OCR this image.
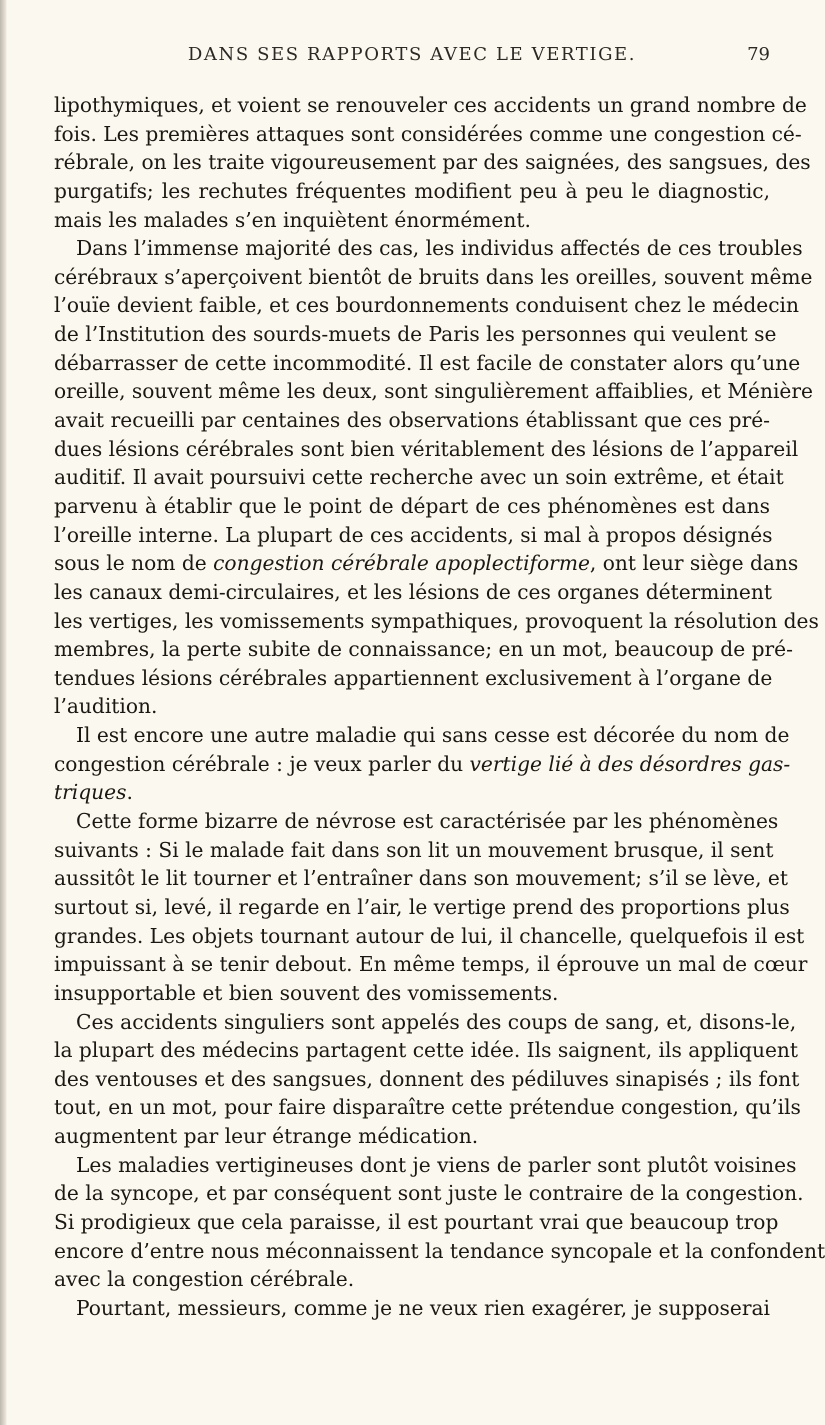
DANS SES RAPPORTS AVEC LE VERTIGE.	79
lipothymiques, et voient se renouveler ces accidents un grand nombre de
fois. Les premières attaques sont considérées comme une congestion cé-
rébrale, on les traite vigoureusement par des saignées, des sangsues, des
purgatifs; les rechutes fréquentes modifient peu à peu le diagnostic,
mais les malades s’en inquiètent énormément.
Dans l’immense majorité des cas, les individus affectés de ces troubles
cérébraux s’aperçoivent bientôt de bruits dans les oreilles, souvent même
l’ouïe devient faible, et ces bourdonnements conduisent chez le médecin
de l’Institution des sourds-muets de Paris les personnes qui veulent se
débarrasser de cette incommodité. Il est facile de constater alors qu’une
oreille, souvent même les deux, sont singulièrement affaiblies, et Ménière
avait recueilli par centaines des observations établissant que ces pré-
dues lésions cérébrales sont bien véritablement des lésions de l’appareil
auditif. Il avait poursuivi cette recherche avec un soin extrême, et était
parvenu à établir que le point de départ de ces phénomènes est dans
l’oreille interne. La plupart de ces accidents, si mal à propos désignés
sous le nom de congestion cérébrale apoplectiforme, ont leur siège dans
les canaux demi-circulaires, et les lésions de ces organes déterminent
les vertiges, les vomissements sympathiques, provoquent la résolution des
membres, la perte subite de connaissance; en un mot, beaucoup de pré-
tendues lésions cérébrales appartiennent exclusivement à l’organe de
l’audition.
Il est encore une autre maladie qui sans cesse est décorée du nom de
congestion cérébrale : je veux parler du vertige lié à des désordres gas-
triques.
Cette forme bizarre de névrose est caractérisée par les phénomènes
suivants : Si le malade fait dans son lit un mouvement brusque, il sent
aussitôt le lit tourner et l’entraîner dans son mouvement; s’il se lève, et
surtout si, levé, il regarde en l’air, le vertige prend des proportions plus
grandes. Les objets tournant autour de lui, il chancelle, quelquefois il est
impuissant à se tenir debout. En même temps, il éprouve un mal de cœur
insupportable et bien souvent des vomissements.
Ces accidents singuliers sont appelés des coups de sang, et, disons-le,
la plupart des médecins partagent cette idée. Ils saignent, ils appliquent
des ventouses et des sangsues, donnent des pédiluves sinapisés ; ils font
tout, en un mot, pour faire disparaître cette prétendue congestion, qu’ils
augmentent par leur étrange médication.
Les maladies vertigineuses dont je viens de parler sont plutôt voisines
de la syncope, et par conséquent sont juste le contraire de la congestion.
Si prodigieux que cela paraisse, il est pourtant vrai que beaucoup trop
encore d’entre nous méconnaissent la tendance syncopale et la confondent
avec la congestion cérébrale.
Pourtant, messieurs, comme je ne veux rien exagérer, je supposerai
